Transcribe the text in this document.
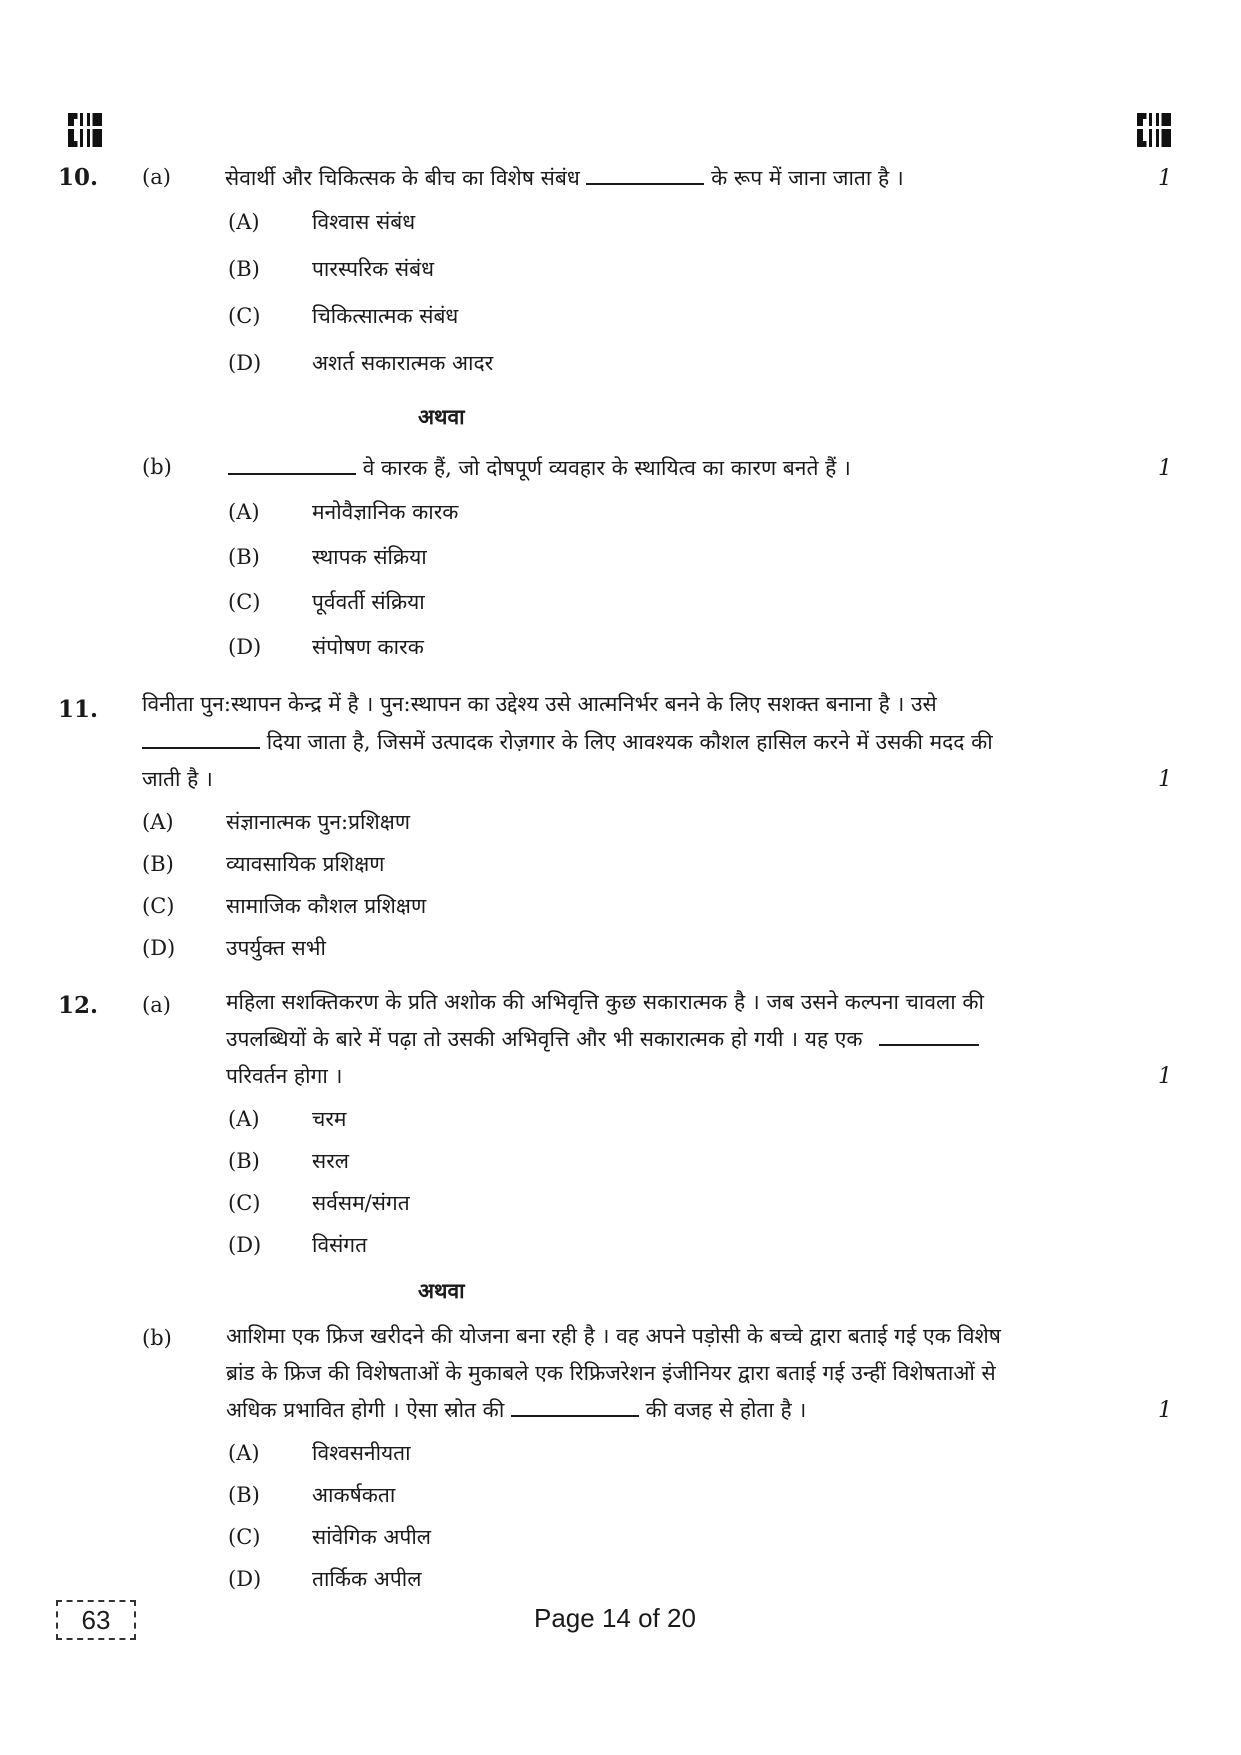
10. (a)	सेवार्थी और चिकित्सक के बीच का विशेष संबंध	के रूप में जाना जाता है ।	1
(A) विश्वास संबंध
(B) पारस्परिक संबंध
(C) चिकित्सात्मक संबंध
(D) अशर्त सकारात्मक आदर
अथवा
(b)	वे कारक हैं, जो दोषपूर्ण व्यवहार के स्थायित्व का कारण बनते हैं ।	1
(A) मनोवैज्ञानिक कारक
(B) स्थापक संक्रिया
(C) पूर्ववर्ती संक्रिया
(D) संपोषण कारक
11. विनीता पुन:स्थापन केन्द्र में है । पुन:स्थापन का उद्देश्य उसे आत्मनिर्भर बनने के लिए सशक्त बनाना है । उसे
दिया जाता है, जिसमें उत्पादक रोज़गार के लिए आवश्यक कौशल हासिल करने में उसकी मदद की
जाती है ।	1
(A) संज्ञानात्मक पुन:प्रशिक्षण
(B) व्यावसायिक प्रशिक्षण
(C) सामाजिक कौशल प्रशिक्षण
(D) उपर्युक्त सभी
12. (a)	महिला सशक्तिकरण के प्रति अशोक की अभिवृत्ति कुछ सकारात्मक है । जब उसने कल्पना चावला की
उपलब्धियों के बारे में पढ़ा तो उसकी अभिवृत्ति और भी सकारात्मक हो गयी । यह एक
परिवर्तन होगा ।	1
(A) चरम
(B) सरल
(C) सर्वसम/संगत
(D) विसंगत
अथवा
(b)	आशिमा एक फ्रिज खरीदने की योजना बना रही है । वह अपने पड़ोसी के बच्चे द्वारा बताई गई एक विशेष
ब्रांड के फ्रिज की विशेषताओं के मुकाबले एक रिफ्रिजरेशन इंजीनियर द्वारा बताई गई उन्हीं विशेषताओं से
अधिक प्रभावित होगी । ऐसा स्रोत की	की वजह से होता है ।	1
(A) विश्वसनीयता
(B) आकर्षकता
(C) सांवेगिक अपील
(D) तार्किक अपील
63	Page 14 of 20
